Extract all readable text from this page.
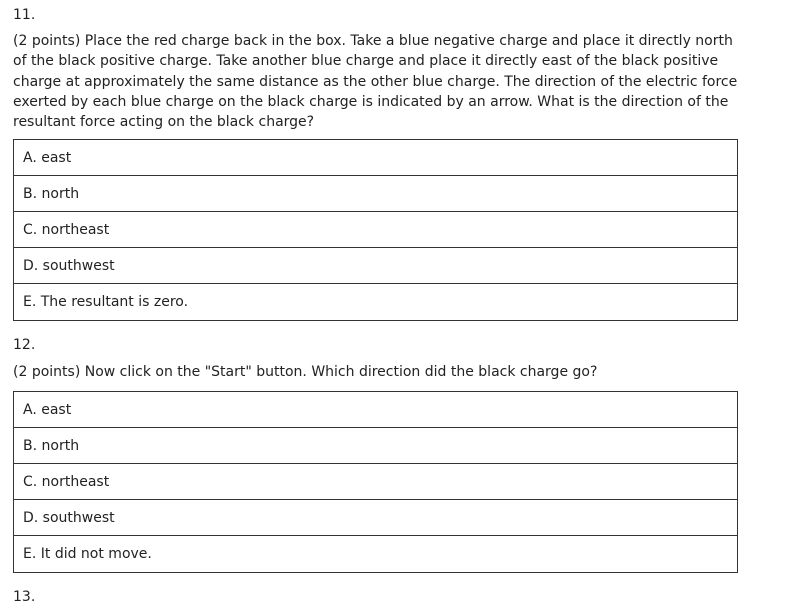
11.
(2 points) Place the red charge back in the box. Take a blue negative charge and place it directly north of the black positive charge. Take another blue charge and place it directly east of the black positive charge at approximately the same distance as the other blue charge. The direction of the electric force exerted by each blue charge on the black charge is indicated by an arrow. What is the direction of the resultant force acting on the black charge?
A. east
B. north
C. northeast
D. southwest
E. The resultant is zero.
12.
(2 points) Now click on the "Start" button. Which direction did the black charge go?
A. east
B. north
C. northeast
D. southwest
E. It did not move.
13.
